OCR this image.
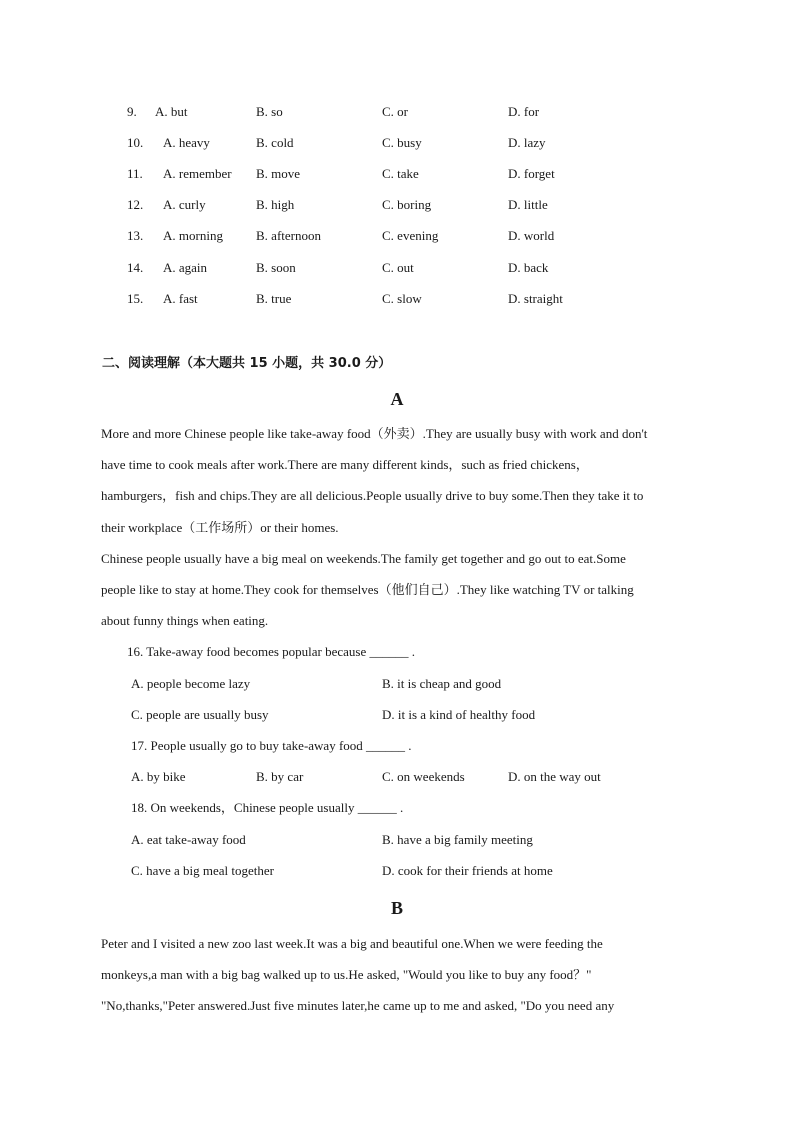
9. A. but	B. so	C. or	D. for
10. A. heavy	B. cold	C. busy	D. lazy
11. A. remember B. move	C. take	D. forget
12. A. curly	B. high	C. boring	D. little
13. A. morning	B. afternoon	C. evening	D. world
14. A. again	B. soon	C. out	D. back
15. A. fast	B. true	C. slow	D. straight
二、阅读理解（本大题共 15 小题，共 30.0 分）
A
More and more Chinese people like take-away food（外卖）.They are usually busy with work and don't
have time to cook meals after work.There are many different kinds，such as fried chickens，
hamburgers，fish and chips.They are all delicious.People usually drive to buy some.Then they take it to
their workplace（工作场所）or their homes.
Chinese people usually have a big meal on weekends.The family get together and go out to eat.Some
people like to stay at home.They cook for themselves（他们自己）.They like watching TV or talking
about funny things when eating.
16. Take-away food becomes popular because ______ .
A. people become lazy	B. it is cheap and good
C. people are usually busy	D. it is a kind of healthy food
17. People usually go to buy take-away food ______ .
A. by bike	B. by car	C. on weekends	D. on the way out
18. On weekends，Chinese people usually ______ .
A. eat take-away food	B. have a big family meeting
C. have a big meal together	D. cook for their friends at home
B
Peter and I visited a new zoo last week.It was a big and beautiful one.When we were feeding the
monkeys,a man with a big bag walked up to us.He asked, "Would you like to buy any food？"
"No,thanks,"Peter answered.Just five minutes later,he came up to me and asked, "Do you need any
